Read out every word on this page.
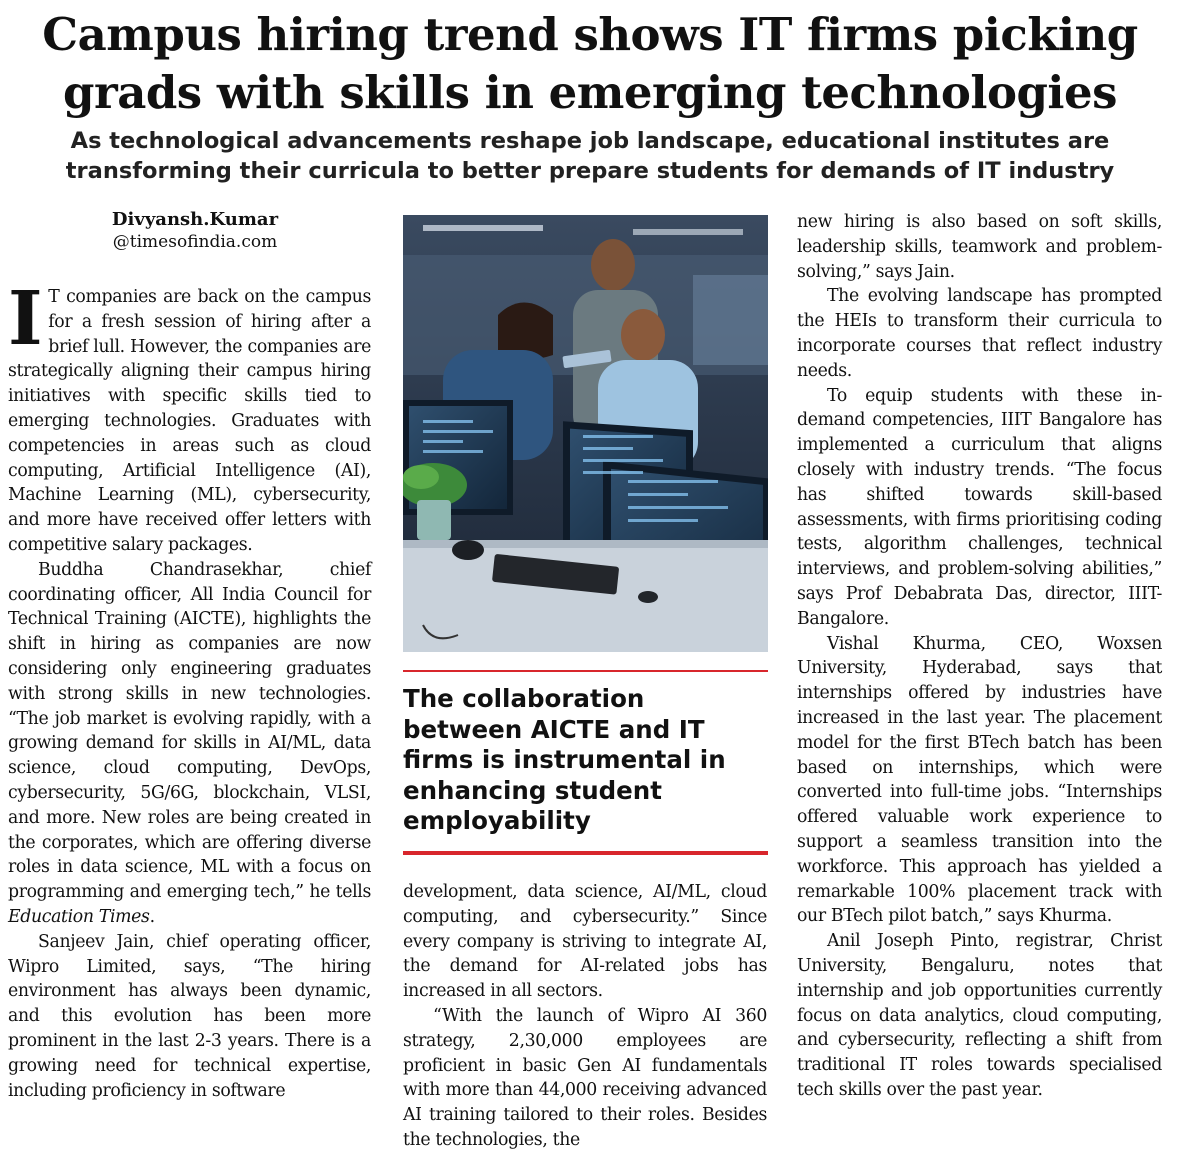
Campus hiring trend shows IT firms picking
grads with skills in emerging technologies
As technological advancements reshape job landscape, educational institutes are
transforming their curricula to better prepare students for demands of IT industry
Divyansh.Kumar
@timesofindia.com

I T companies are back on the campus for a fresh session of hiring after a brief lull. However, the companies are strategically aligning their campus hiring initiatives with specific skills tied to emerging technologies. Graduates with competencies in areas such as cloud computing, Artificial Intelligence (AI), Machine Learning (ML), cybersecurity, and more have received offer letters with competitive salary packages.

Buddha Chandrasekhar, chief coordinating officer, All India Council for Technical Training (AICTE), highlights the shift in hiring as companies are now considering only engineering graduates with strong skills in new technologies. “The job market is evolving rapidly, with a growing demand for skills in AI/ML, data science, cloud computing, DevOps, cybersecurity, 5G/6G, blockchain, VLSI, and more. New roles are being created in the corporates, which are offering diverse roles in data science, ML with a focus on programming and emerging tech,” he tells Education Times.

Sanjeev Jain, chief operating officer, Wipro Limited, says, “The hiring environment has always been dynamic, and this evolution has been more prominent in the last 2-3 years. There is a growing need for technical expertise, including proficiency in software

The collaboration
between AICTE and IT
firms is instrumental in
enhancing student
employability

development, data science, AI/ML, cloud computing, and cybersecurity.” Since every company is striving to integrate AI, the demand for AI-related jobs has increased in all sectors.

“With the launch of Wipro AI 360 strategy, 2,30,000 employees are proficient in basic Gen AI fundamentals with more than 44,000 receiving advanced AI training tailored to their roles. Besides the technologies, the

new hiring is also based on soft skills, leadership skills, teamwork and problem-solving,” says Jain.

The evolving landscape has prompted the HEIs to transform their curricula to incorporate courses that reflect industry needs.

To equip students with these in-demand competencies, IIIT Bangalore has implemented a curriculum that aligns closely with industry trends. “The focus has shifted towards skill-based assessments, with firms prioritising coding tests, algorithm challenges, technical interviews, and problem-solving abilities,” says Prof Debabrata Das, director, IIIT-Bangalore.

Vishal Khurma, CEO, Woxsen University, Hyderabad, says that internships offered by industries have increased in the last year. The placement model for the first BTech batch has been based on internships, which were converted into full-time jobs. “Internships offered valuable work experience to support a seamless transition into the workforce. This approach has yielded a remarkable 100% placement track with our BTech pilot batch,” says Khurma.

Anil Joseph Pinto, registrar, Christ University, Bengaluru, notes that internship and job opportunities currently focus on data analytics, cloud computing, and cybersecurity, reflecting a shift from traditional IT roles towards specialised tech skills over the past year.
